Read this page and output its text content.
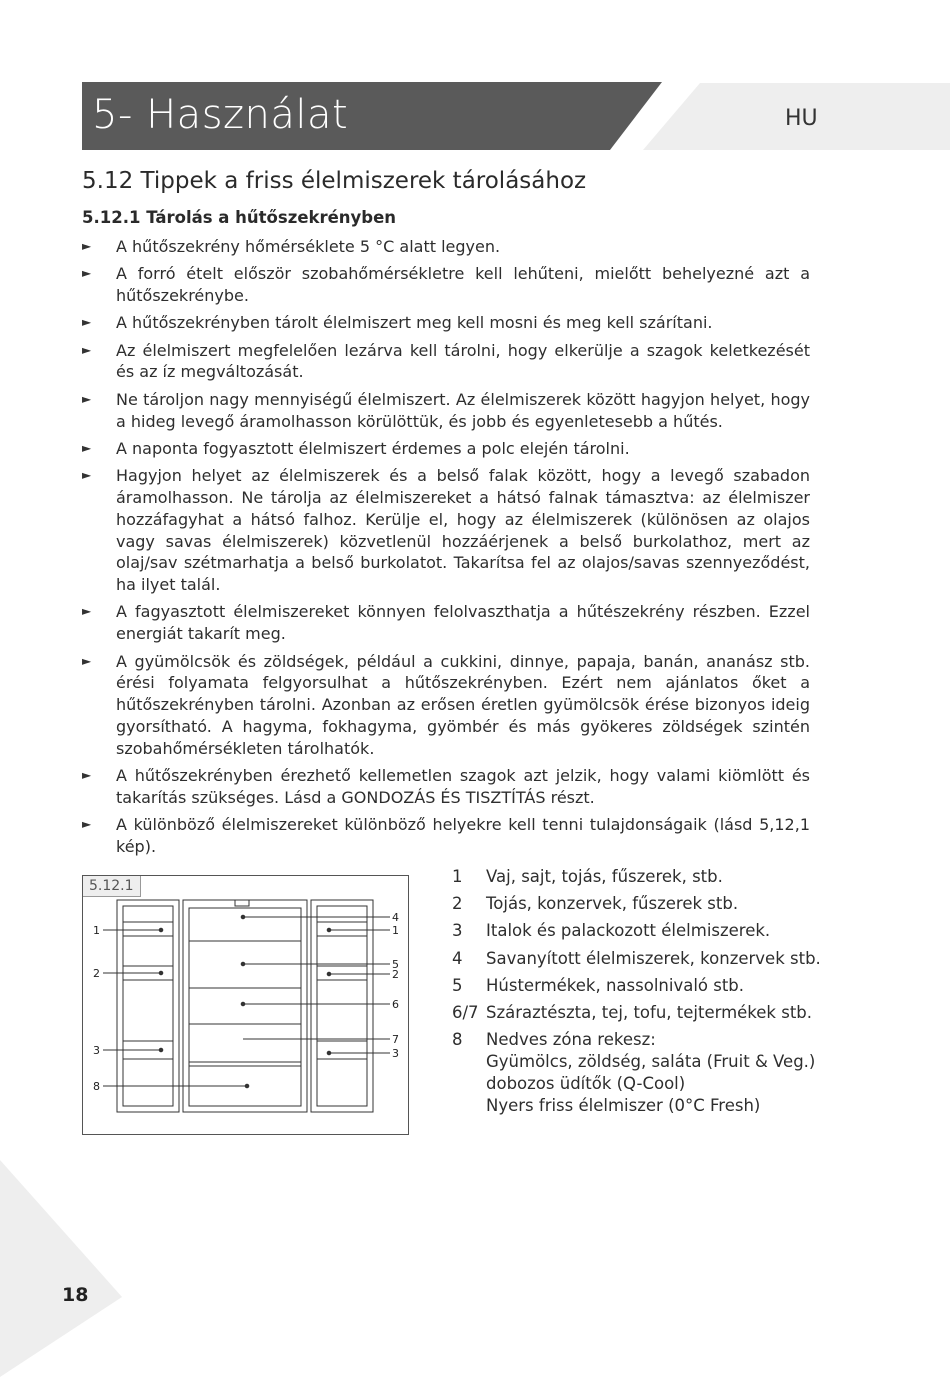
5- Használat	HU
5.12 Tippek a friss élelmiszerek tárolásához
5.12.1 Tárolás a hűtőszekrényben
► A hűtőszekrény hőmérséklete 5 °C alatt legyen.
► A forró ételt először szobahőmérsékletre kell lehűteni, mielőtt behelyezné azt a hűtőszekrénybe.
► A hűtőszekrényben tárolt élelmiszert meg kell mosni és meg kell szárítani.
► Az élelmiszert megfelelően lezárva kell tárolni, hogy elkerülje a szagok keletkezését és az íz megváltozását.
► Ne tároljon nagy mennyiségű élelmiszert. Az élelmiszerek között hagyjon helyet, hogy a hideg levegő áramolhasson körülöttük, és jobb és egyenletesebb a hűtés.
► A naponta fogyasztott élelmiszert érdemes a polc elején tárolni.
► Hagyjon helyet az élelmiszerek és a belső falak között, hogy a levegő szabadon áramolhasson. Ne tárolja az élelmiszereket a hátsó falnak támasztva: az élelmiszer hozzáfagyhat a hátsó falhoz. Kerülje el, hogy az élelmiszerek (különösen az olajos vagy savas élelmiszerek) közvetlenül hozzáérjenek a belső burkolathoz, mert az olaj/sav szétmarhatja a belső burkolatot. Takarítsa fel az olajos/savas szennyeződést, ha ilyet talál.
► A fagyasztott élelmiszereket könnyen felolvaszthatja a hűtészekrény részben. Ezzel energiát takarít meg.
► A gyümölcsök és zöldségek, például a cukkini, dinnye, papaja, banán, ananász stb. érési folyamata felgyorsulhat a hűtőszekrényben. Ezért nem ajánlatos őket a hűtőszekrényben tárolni. Azonban az erősen éretlen gyümölcsök érése bizonyos ideig gyorsítható. A hagyma, fokhagyma, gyömbér és más gyökeres zöldségek szintén szobahőmérsékleten tárolhatók.
► A hűtőszekrényben érezhető kellemetlen szagok azt jelzik, hogy valami kiömlött és takarítás szükséges. Lásd a GONDOZÁS ÉS TISZTÍTÁS részt.
► A különböző élelmiszereket különböző helyekre kell tenni tulajdonságaik (lásd 5,12,1 kép).
5.12.1
1
2
3
8
4
1
5
2
6
7
3
1	Vaj, sajt, tojás, fűszerek, stb.
2	Tojás, konzervek, fűszerek stb.
3	Italok és palackozott élelmiszerek.
4	Savanyított élelmiszerek, konzervek stb.
5	Hústermékek, nassolnivaló stb.
6/7 Száraztészta, tej, tofu, tejtermékek stb.
8	Nedves zóna rekesz:
Gyümölcs, zöldség, saláta (Fruit & Veg.)
dobozos üdítők (Q-Cool)
Nyers friss élelmiszer (0°C Fresh)
18
